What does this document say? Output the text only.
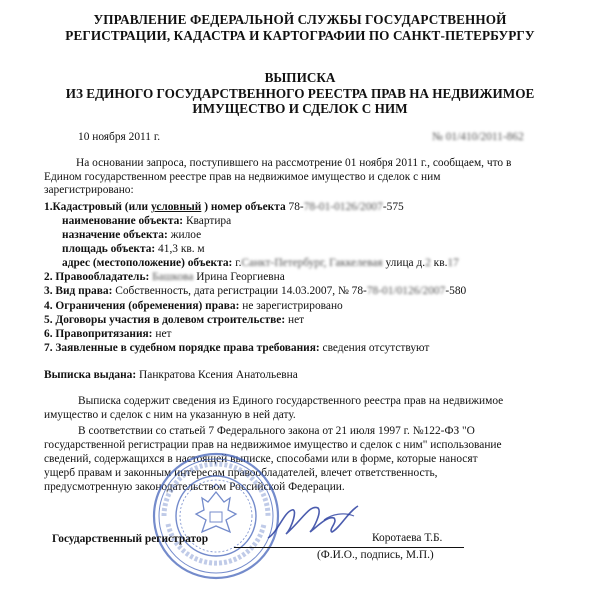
УПРАВЛЕНИЕ ФЕДЕРАЛЬНОЙ СЛУЖБЫ ГОСУДАРСТВЕННОЙ
РЕГИСТРАЦИИ, КАДАСТРА И КАРТОГРАФИИ ПО САНКТ-ПЕТЕРБУРГУ
ВЫПИСКА
ИЗ ЕДИНОГО ГОСУДАРСТВЕННОГО РЕЕСТРА ПРАВ НА НЕДВИЖИМОЕ
ИМУЩЕСТВО И СДЕЛОК С НИМ
10 ноября 2011 г.	№ 01/410/2011-862
На основании запроса, поступившего на рассмотрение 01 ноября 2011 г., сообщаем, что в
Едином государственном реестре прав на недвижимое имущество и сделок с ним
зарегистрировано:
1.Кадастровый (или условный ) номер объекта 78-78-01-0126/2007-575
наименование объекта: Квартира
назначение объекта: жилое
площадь объекта: 41,3 кв. м
адрес (местоположение) объекта: г.Санкт-Петербург, Гаккелевая улица д.2 кв.17
2. Правообладатель: Башкова Ирина Георгиевна
3. Вид права: Собственность, дата регистрации 14.03.2007, № 78-78-01/0126/2007-580
4. Ограничения (обременения) права: не зарегистрировано
5. Договоры участия в долевом строительстве: нет
6. Правопритязания: нет
7. Заявленные в судебном порядке права требования: сведения отсутствуют
Выписка выдана: Панкратова Ксения Анатольевна
Выписка содержит сведения из Единого государственного реестра прав на недвижимое
имущество и сделок с ним на указанную в ней дату.
В соответствии со статьей 7 Федерального закона от 21 июля 1997 г. №122-ФЗ "О
государственной регистрации прав на недвижимое имущество и сделок с ним" использование
сведений, содержащихся в настоящей выписке, способами или в форме, которые наносят
ущерб правам и законным интересам правообладателей, влечет ответственность,
предусмотренную законодательством Российской Федерации.
Государственный регистратор	Коротаева Т.Б.
(Ф.И.О., подпись, М.П.)
